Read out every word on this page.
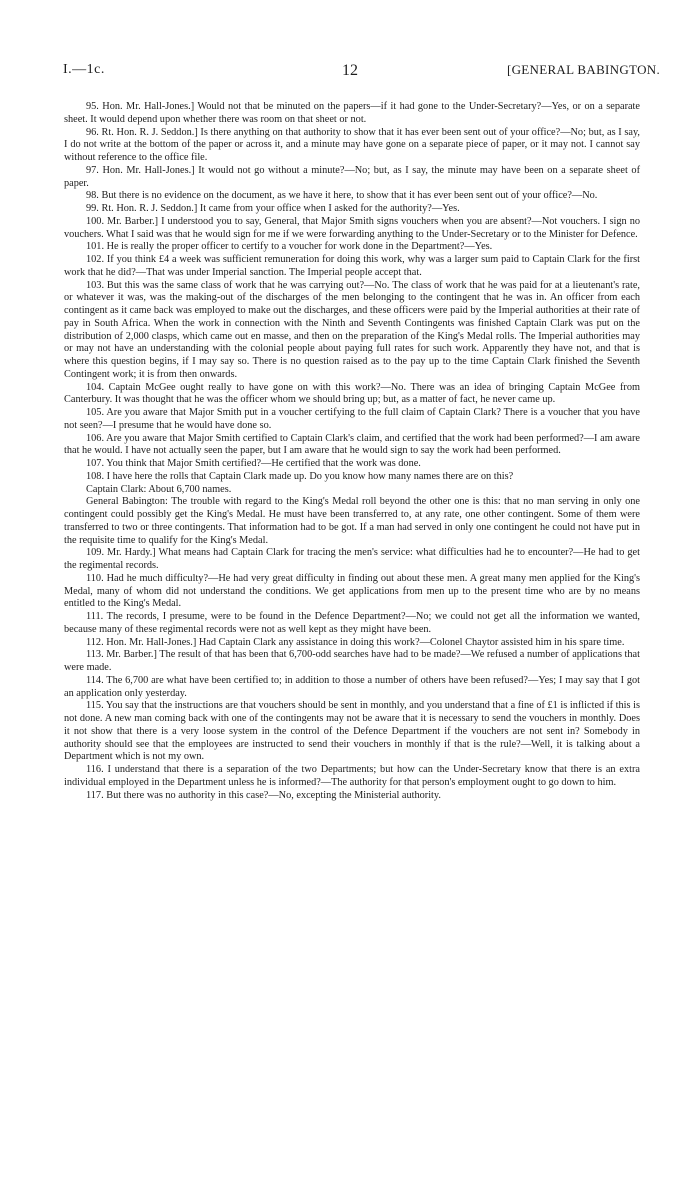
I.—1c.	12	[GENERAL BABINGTON.

95. Hon. Mr. Hall-Jones.] Would not that be minuted on the papers—if it had gone to the Under-Secretary?—Yes, or on a separate sheet. It would depend upon whether there was room on that sheet or not.

96. Rt. Hon. R. J. Seddon.] Is there anything on that authority to show that it has ever been sent out of your office?—No; but, as I say, I do not write at the bottom of the paper or across it, and a minute may have gone on a separate piece of paper, or it may not. I cannot say without reference to the office file.

97. Hon. Mr. Hall-Jones.] It would not go without a minute?—No; but, as I say, the minute may have been on a separate sheet of paper.

98. But there is no evidence on the document, as we have it here, to show that it has ever been sent out of your office?—No.

99. Rt. Hon. R. J. Seddon.] It came from your office when I asked for the authority?—Yes.

100. Mr. Barber.] I understood you to say, General, that Major Smith signs vouchers when you are absent?—Not vouchers. I sign no vouchers. What I said was that he would sign for me if we were forwarding anything to the Under-Secretary or to the Minister for Defence.

101. He is really the proper officer to certify to a voucher for work done in the Department?—Yes.

102. If you think £4 a week was sufficient remuneration for doing this work, why was a larger sum paid to Captain Clark for the first work that he did?—That was under Imperial sanction. The Imperial people accept that.

103. But this was the same class of work that he was carrying out?—No. The class of work that he was paid for at a lieutenant's rate, or whatever it was, was the making-out of the discharges of the men belonging to the contingent that he was in. An officer from each contingent as it came back was employed to make out the discharges, and these officers were paid by the Imperial authorities at their rate of pay in South Africa. When the work in connection with the Ninth and Seventh Contingents was finished Captain Clark was put on the distribution of 2,000 clasps, which came out en masse, and then on the preparation of the King's Medal rolls. The Imperial authorities may or may not have an understanding with the colonial people about paying full rates for such work. Apparently they have not, and that is where this question begins, if I may say so. There is no question raised as to the pay up to the time Captain Clark finished the Seventh Contingent work; it is from then onwards.

104. Captain McGee ought really to have gone on with this work?—No. There was an idea of bringing Captain McGee from Canterbury. It was thought that he was the officer whom we should bring up; but, as a matter of fact, he never came up.

105. Are you aware that Major Smith put in a voucher certifying to the full claim of Captain Clark? There is a voucher that you have not seen?—I presume that he would have done so.

106. Are you aware that Major Smith certified to Captain Clark's claim, and certified that the work had been performed?—I am aware that he would. I have not actually seen the paper, but I am aware that he would sign to say the work had been performed.

107. You think that Major Smith certified?—He certified that the work was done.

108. I have here the rolls that Captain Clark made up. Do you know how many names there are on this?

Captain Clark: About 6,700 names.

General Babington: The trouble with regard to the King's Medal roll beyond the other one is this: that no man serving in only one contingent could possibly get the King's Medal. He must have been transferred to, at any rate, one other contingent. Some of them were transferred to two or three contingents. That information had to be got. If a man had served in only one contingent he could not have put in the requisite time to qualify for the King's Medal.

109. Mr. Hardy.] What means had Captain Clark for tracing the men's service: what difficulties had he to encounter?—He had to get the regimental records.

110. Had he much difficulty?—He had very great difficulty in finding out about these men. A great many men applied for the King's Medal, many of whom did not understand the conditions. We get applications from men up to the present time who are by no means entitled to the King's Medal.

111. The records, I presume, were to be found in the Defence Department?—No; we could not get all the information we wanted, because many of these regimental records were not as well kept as they might have been.

112. Hon. Mr. Hall-Jones.] Had Captain Clark any assistance in doing this work?—Colonel Chaytor assisted him in his spare time.

113. Mr. Barber.] The result of that has been that 6,700-odd searches have had to be made?—We refused a number of applications that were made.

114. The 6,700 are what have been certified to; in addition to those a number of others have been refused?—Yes; I may say that I got an application only yesterday.

115. You say that the instructions are that vouchers should be sent in monthly, and you understand that a fine of £1 is inflicted if this is not done. A new man coming back with one of the contingents may not be aware that it is necessary to send the vouchers in monthly. Does it not show that there is a very loose system in the control of the Defence Department if the vouchers are not sent in? Somebody in authority should see that the employees are instructed to send their vouchers in monthly if that is the rule?—Well, it is talking about a Department which is not my own.

116. I understand that there is a separation of the two Departments; but how can the Under-Secretary know that there is an extra individual employed in the Department unless he is informed?—The authority for that person's employment ought to go down to him.

117. But there was no authority in this case?—No, excepting the Ministerial authority.
